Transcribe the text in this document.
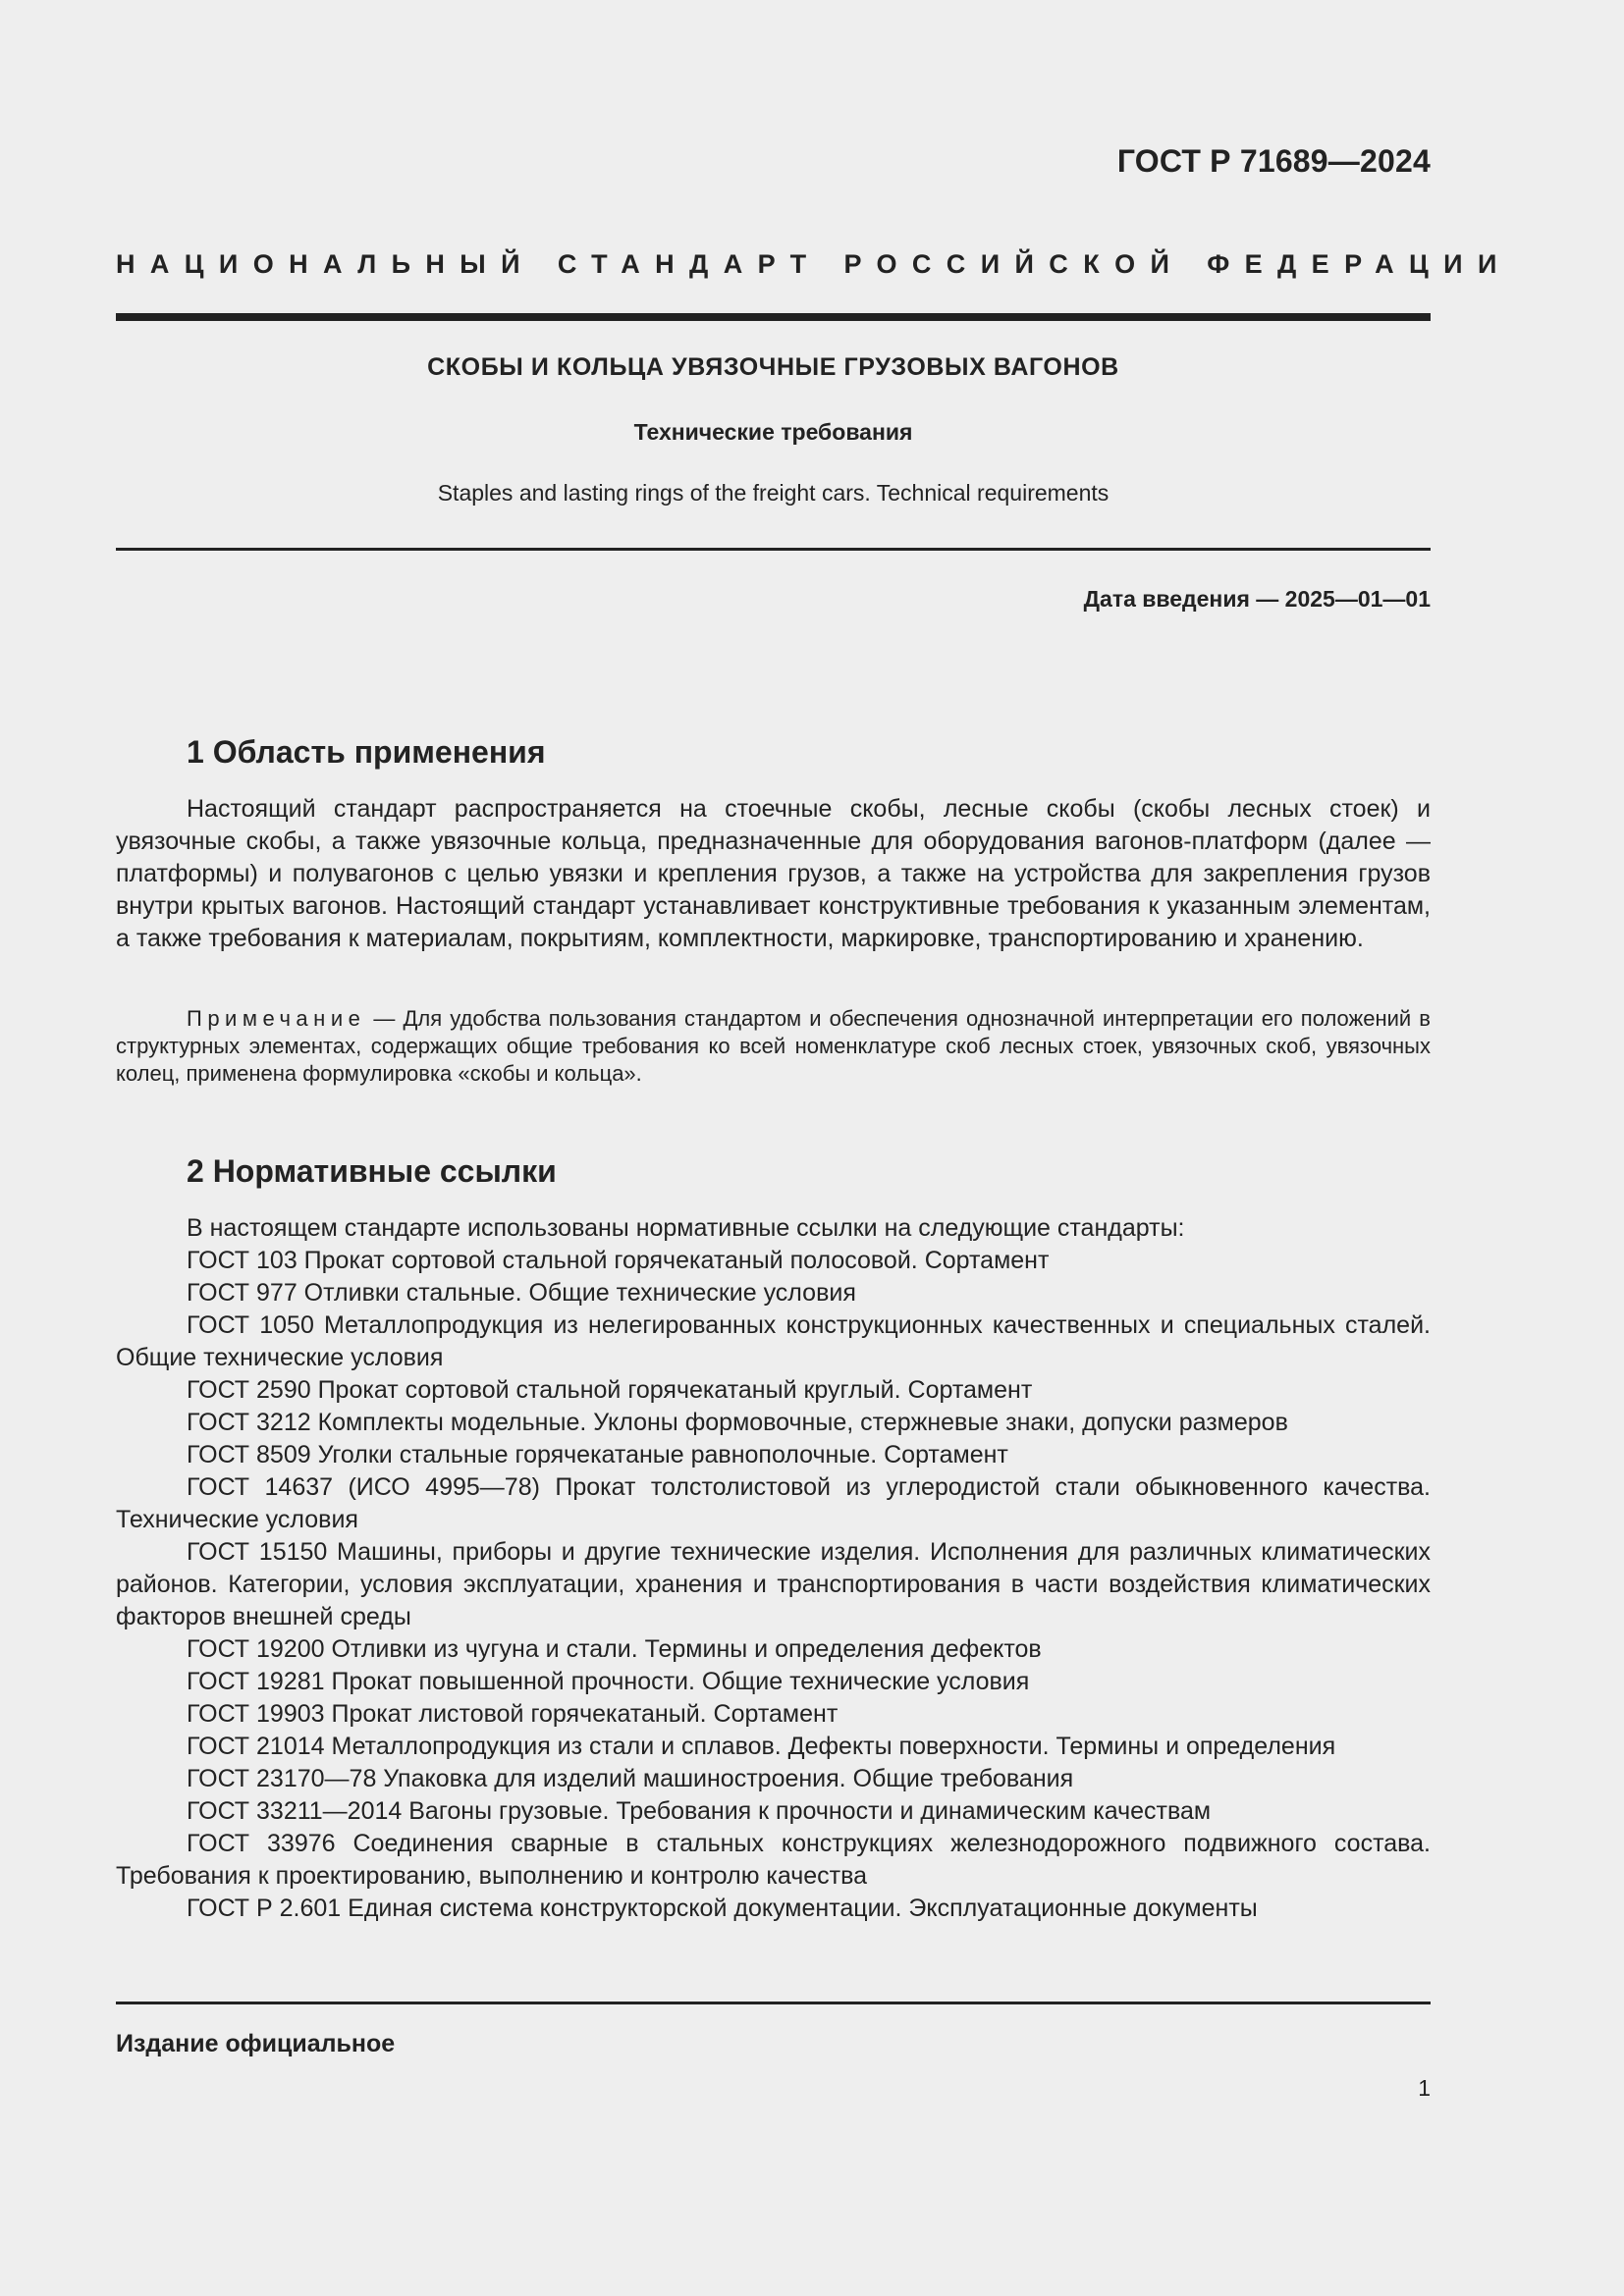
ГОСТ Р 71689—2024
НАЦИОНАЛЬНЫЙ СТАНДАРТ РОССИЙСКОЙ ФЕДЕРАЦИИ
СКОБЫ И КОЛЬЦА УВЯЗОЧНЫЕ ГРУЗОВЫХ ВАГОНОВ
Технические требования
Staples and lasting rings of the freight cars. Technical requirements
Дата введения — 2025—01—01
1 Область применения

Настоящий стандарт распространяется на стоечные скобы, лесные скобы (скобы лесных стоек) и увязочные скобы, а также увязочные кольца, предназначенные для оборудования вагонов-платформ (далее — платформы) и полувагонов с целью увязки и крепления грузов, а также на устройства для закрепления грузов внутри крытых вагонов. Настоящий стандарт устанавливает конструктивные требования к указанным элементам, а также требования к материалам, покрытиям, комплектности, маркировке, транспортированию и хранению.

Примечание — Для удобства пользования стандартом и обеспечения однозначной интерпретации его положений в структурных элементах, содержащих общие требования ко всей номенклатуре скоб лесных стоек, увязочных скоб, увязочных колец, применена формулировка «скобы и кольца».

2 Нормативные ссылки

В настоящем стандарте использованы нормативные ссылки на следующие стандарты:

ГОСТ 103 Прокат сортовой стальной горячекатаный полосовой. Сортамент

ГОСТ 977 Отливки стальные. Общие технические условия

ГОСТ 1050 Металлопродукция из нелегированных конструкционных качественных и специальных сталей. Общие технические условия

ГОСТ 2590 Прокат сортовой стальной горячекатаный круглый. Сортамент

ГОСТ 3212 Комплекты модельные. Уклоны формовочные, стержневые знаки, допуски размеров

ГОСТ 8509 Уголки стальные горячекатаные равнополочные. Сортамент

ГОСТ 14637 (ИСО 4995—78) Прокат толстолистовой из углеродистой стали обыкновенного качества. Технические условия

ГОСТ 15150 Машины, приборы и другие технические изделия. Исполнения для различных климатических районов. Категории, условия эксплуатации, хранения и транспортирования в части воздействия климатических факторов внешней среды

ГОСТ 19200 Отливки из чугуна и стали. Термины и определения дефектов

ГОСТ 19281 Прокат повышенной прочности. Общие технические условия

ГОСТ 19903 Прокат листовой горячекатаный. Сортамент

ГОСТ 21014 Металлопродукция из стали и сплавов. Дефекты поверхности. Термины и определения

ГОСТ 23170—78 Упаковка для изделий машиностроения. Общие требования

ГОСТ 33211—2014 Вагоны грузовые. Требования к прочности и динамическим качествам

ГОСТ 33976 Соединения сварные в стальных конструкциях железнодорожного подвижного состава. Требования к проектированию, выполнению и контролю качества

ГОСТ Р 2.601 Единая система конструкторской документации. Эксплуатационные документы

Издание официальное
1
